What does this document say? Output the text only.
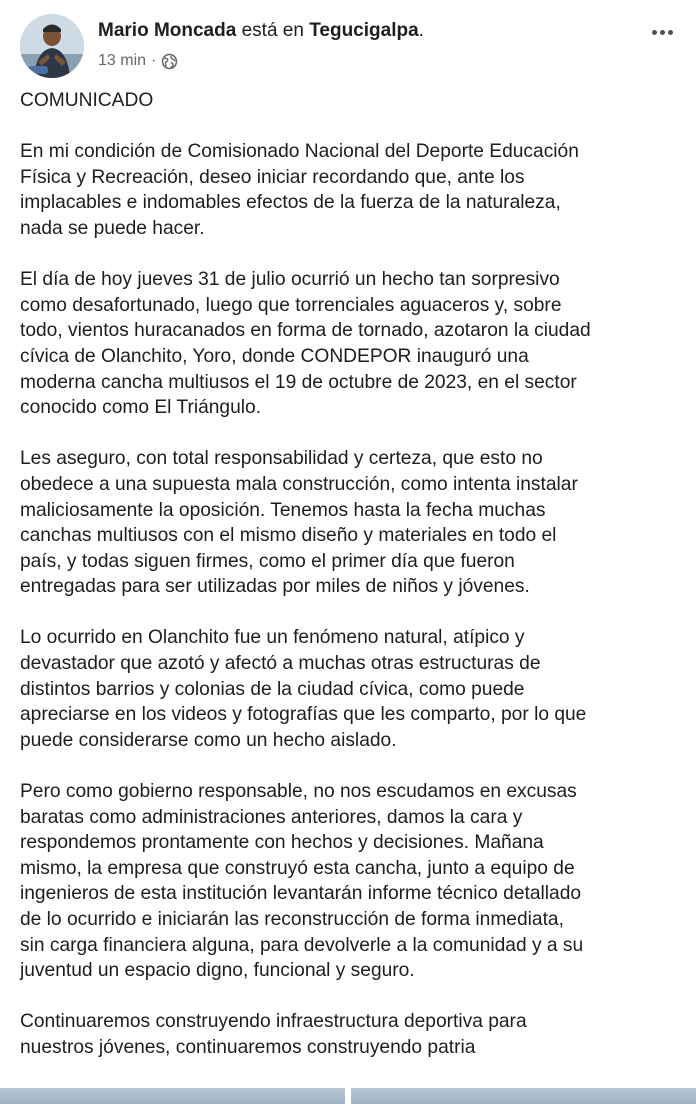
Mario Moncada está en Tegucigalpa.
13 min ·

COMUNICADO

En mi condición de Comisionado Nacional del Deporte Educación
Física y Recreación, deseo iniciar recordando que, ante los
implacables e indomables efectos de la fuerza de la naturaleza,
nada se puede hacer.

El día de hoy jueves 31 de julio ocurrió un hecho tan sorpresivo
como desafortunado, luego que torrenciales aguaceros y, sobre
todo, vientos huracanados en forma de tornado, azotaron la ciudad
cívica de Olanchito, Yoro, donde CONDEPOR inauguró una
moderna cancha multiusos el 19 de octubre de 2023, en el sector
conocido como El Triángulo.

Les aseguro, con total responsabilidad y certeza, que esto no
obedece a una supuesta mala construcción, como intenta instalar
maliciosamente la oposición. Tenemos hasta la fecha muchas
canchas multiusos con el mismo diseño y materiales en todo el
país, y todas siguen firmes, como el primer día que fueron
entregadas para ser utilizadas por miles de niños y jóvenes.

Lo ocurrido en Olanchito fue un fenómeno natural, atípico y
devastador que azotó y afectó a muchas otras estructuras de
distintos barrios y colonias de la ciudad cívica, como puede
apreciarse en los videos y fotografías que les comparto, por lo que
puede considerarse como un hecho aislado.

Pero como gobierno responsable, no nos escudamos en excusas
baratas como administraciones anteriores, damos la cara y
respondemos prontamente con hechos y decisiones. Mañana
mismo, la empresa que construyó esta cancha, junto a equipo de
ingenieros de esta institución levantarán informe técnico detallado
de lo ocurrido e iniciarán las reconstrucción de forma inmediata,
sin carga financiera alguna, para devolverle a la comunidad y a su
juventud un espacio digno, funcional y seguro.

Continuaremos construyendo infraestructura deportiva para
nuestros jóvenes, continuaremos construyendo patria
